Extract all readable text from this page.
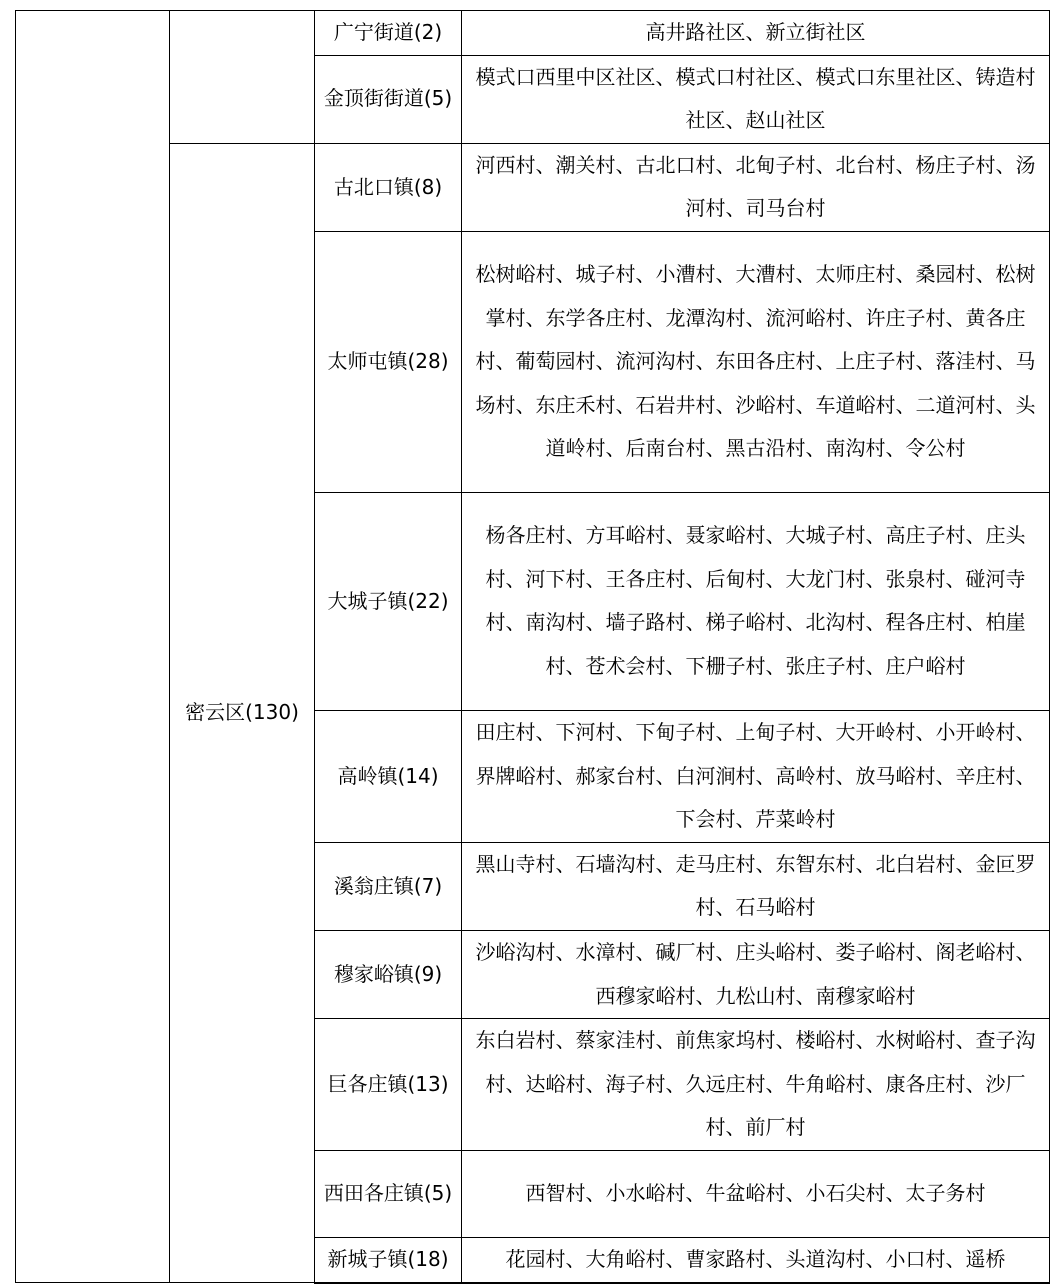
		广宁街道(2)	高井路社区、新立街社区
		金顶街街道(5)	模式口西里中区社区、模式口村社区、模式口东里社区、铸造村社区、赵山社区
	密云区(130)	古北口镇(8)	河西村、潮关村、古北口村、北甸子村、北台村、杨庄子村、汤河村、司马台村
		太师屯镇(28)	松树峪村、城子村、小漕村、大漕村、太师庄村、桑园村、松树掌村、东学各庄村、龙潭沟村、流河峪村、许庄子村、黄各庄村、葡萄园村、流河沟村、东田各庄村、上庄子村、落洼村、马场村、东庄禾村、石岩井村、沙峪村、车道峪村、二道河村、头道岭村、后南台村、黑古沿村、南沟村、令公村
		大城子镇(22)	杨各庄村、方耳峪村、聂家峪村、大城子村、高庄子村、庄头村、河下村、王各庄村、后甸村、大龙门村、张泉村、碰河寺村、南沟村、墙子路村、梯子峪村、北沟村、程各庄村、柏崖村、苍术会村、下栅子村、张庄子村、庄户峪村
		高岭镇(14)	田庄村、下河村、下甸子村、上甸子村、大开岭村、小开岭村、界牌峪村、郝家台村、白河涧村、高岭村、放马峪村、辛庄村、下会村、芹菜岭村
		溪翁庄镇(7)	黑山寺村、石墙沟村、走马庄村、东智东村、北白岩村、金叵罗村、石马峪村
		穆家峪镇(9)	沙峪沟村、水漳村、碱厂村、庄头峪村、娄子峪村、阁老峪村、西穆家峪村、九松山村、南穆家峪村
		巨各庄镇(13)	东白岩村、蔡家洼村、前焦家坞村、楼峪村、水树峪村、查子沟村、达峪村、海子村、久远庄村、牛角峪村、康各庄村、沙厂村、前厂村
		西田各庄镇(5)	西智村、小水峪村、牛盆峪村、小石尖村、太子务村
		新城子镇(18)	花园村、大角峪村、曹家路村、头道沟村、小口村、遥桥
